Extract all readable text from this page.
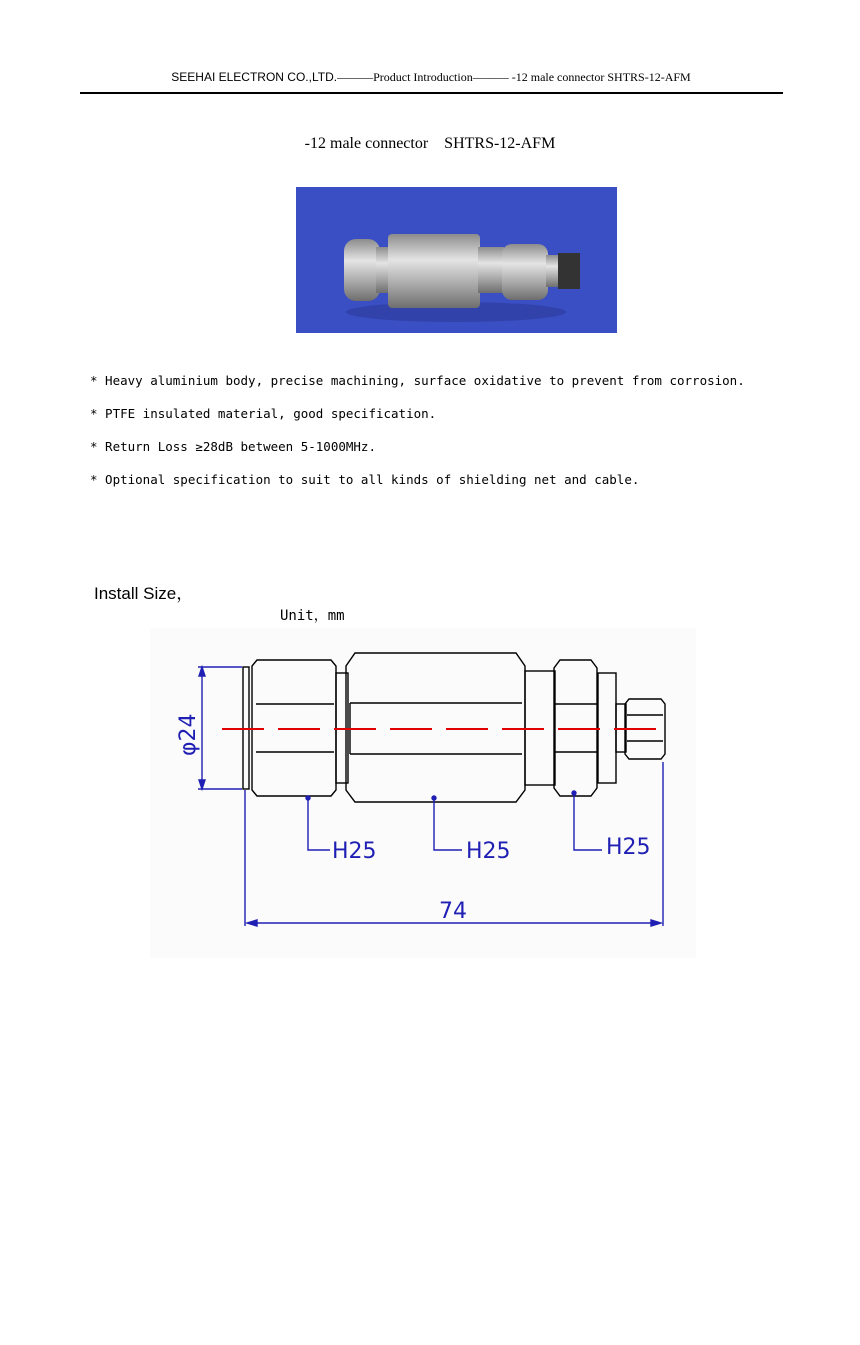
SEEHAI ELECTRON CO.,LTD.———Product Introduction——— -12 male connector SHTRS-12-AFM
-12 male connector SHTRS-12-AFM
* Heavy aluminium body, precise machining, surface oxidative to prevent from corrosion.
* PTFE insulated material, good specification.
* Return Loss ≥28dB between 5-1000MHz.
* Optional specification to suit to all kinds of shielding net and cable.
Install Size，
Unit，mm
φ24
H25	H25	H25
74
